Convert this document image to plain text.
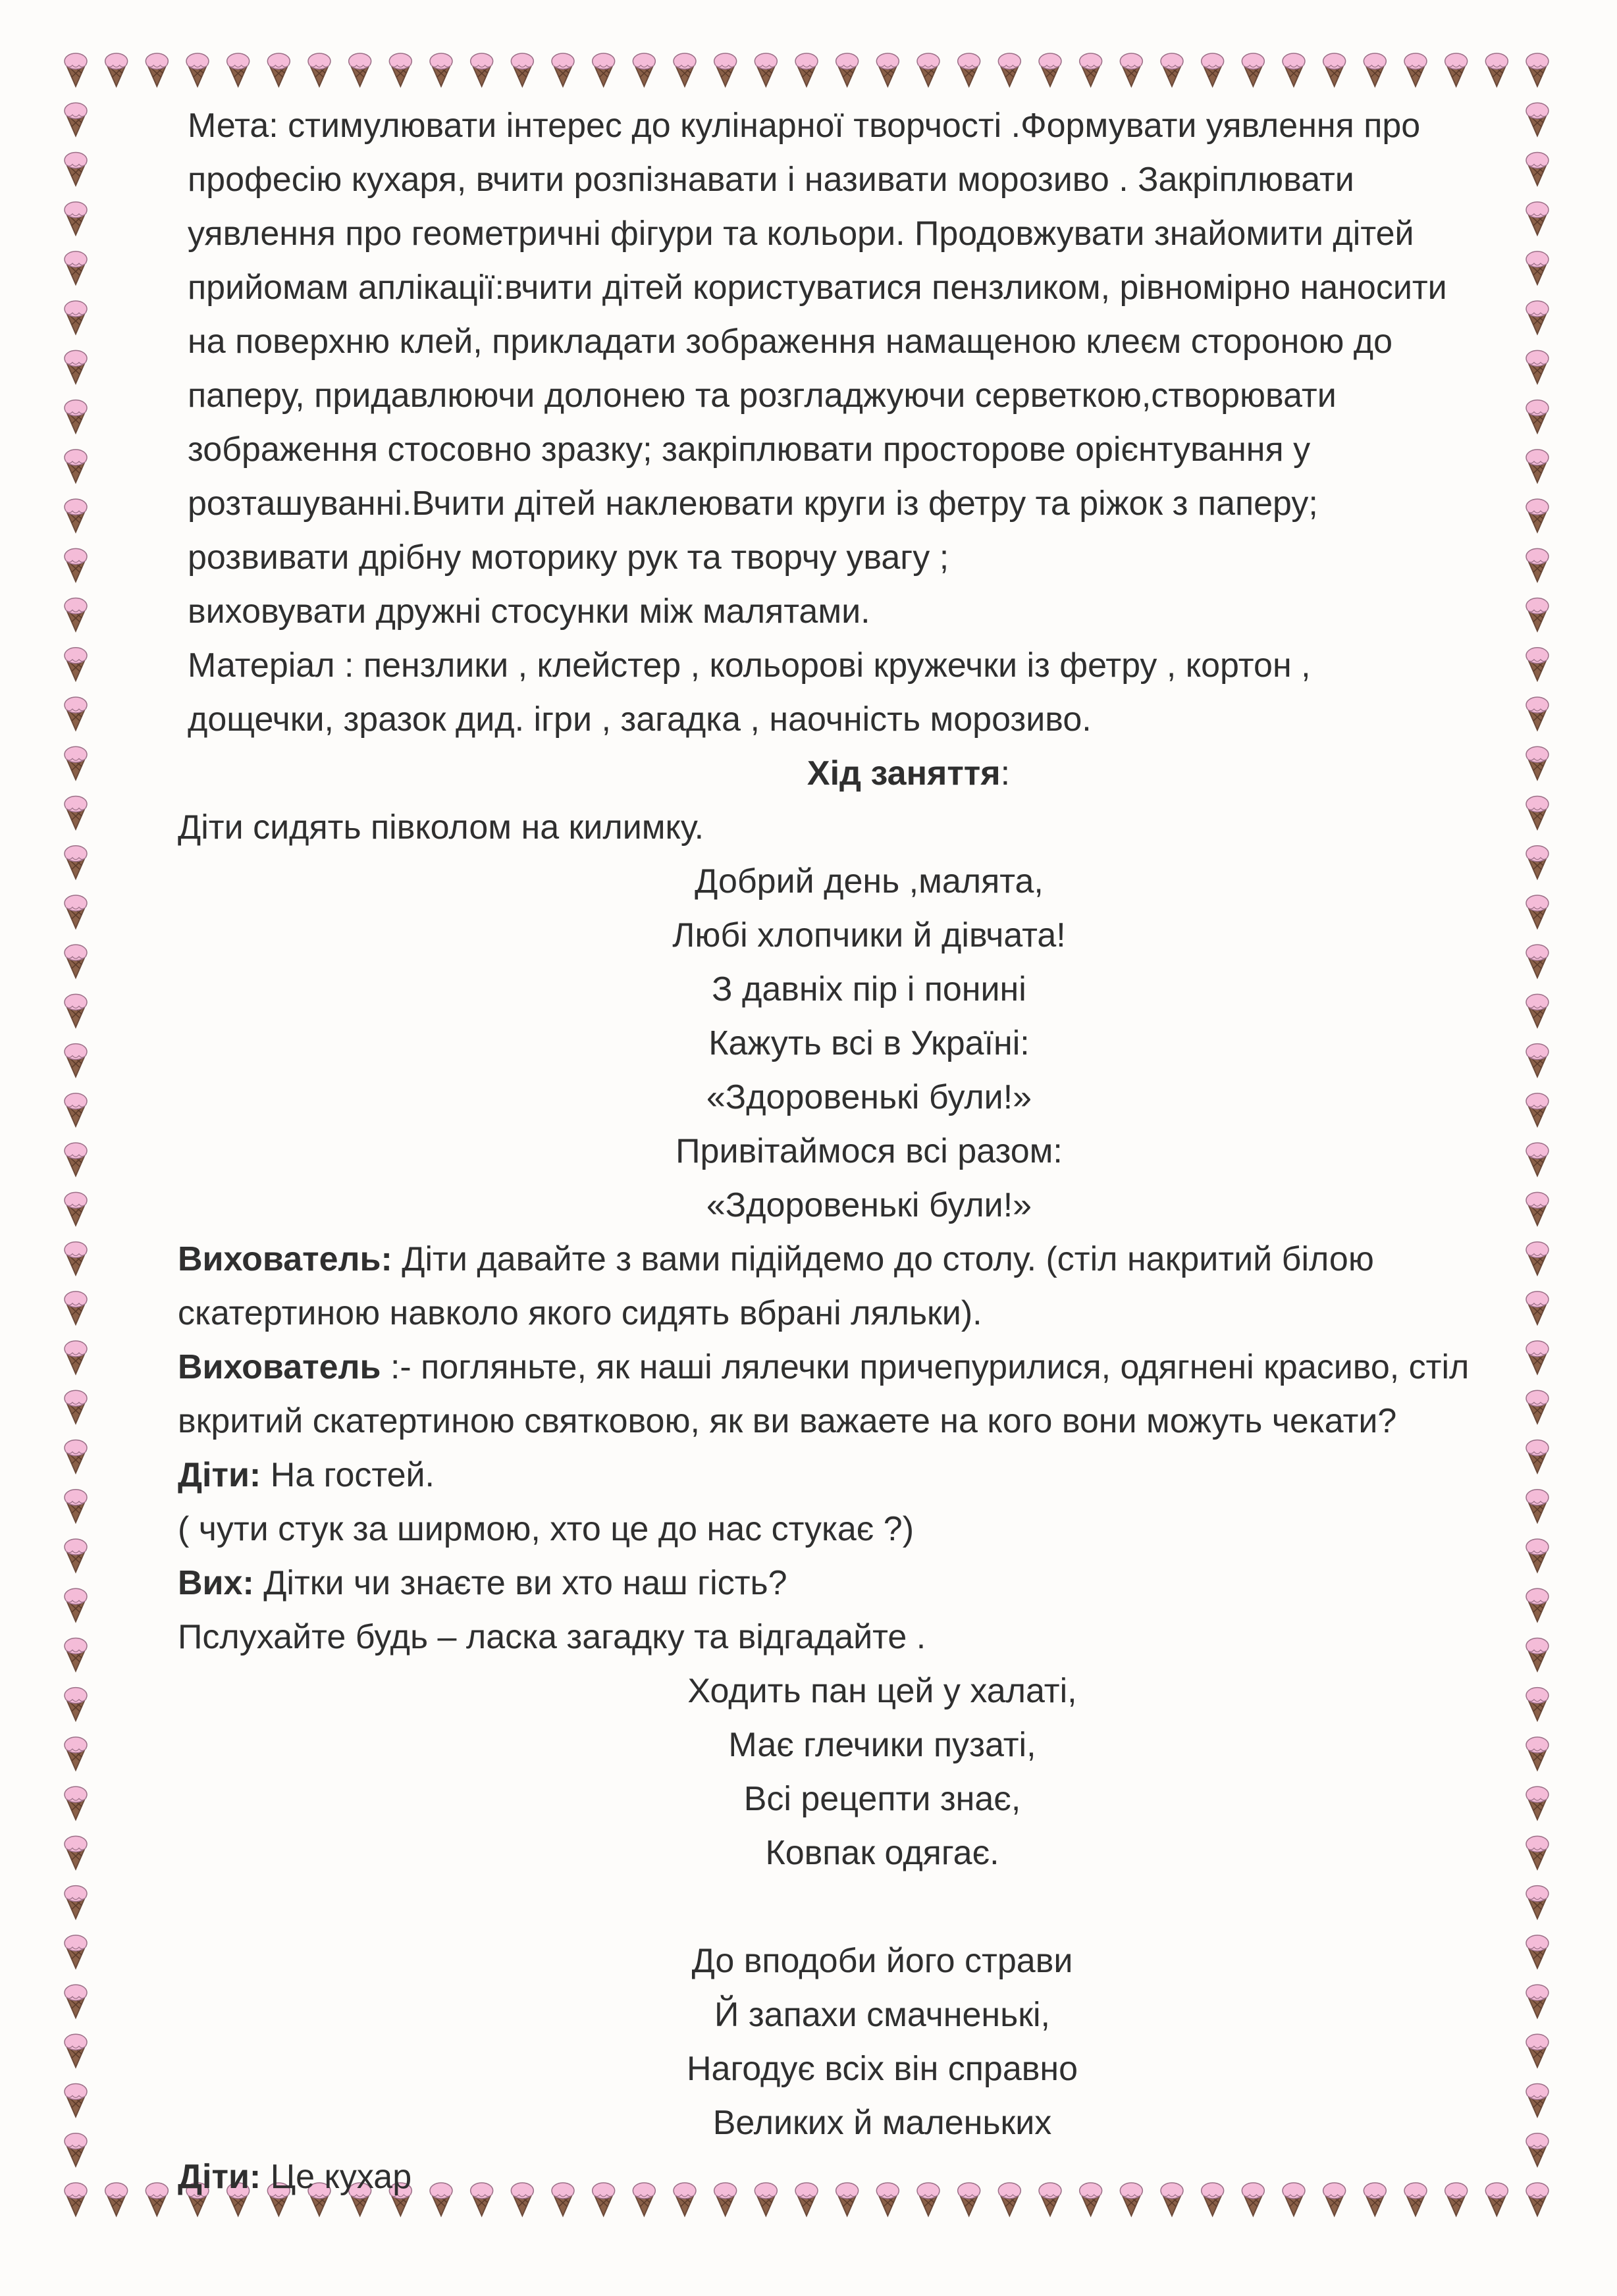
Мета: стимулювати інтерес до кулінарної творчості .Формувати уявлення про

професію кухаря, вчити розпізнавати і називати морозиво . Закріплювати

уявлення про геометричні фігури та кольори. Продовжувати знайомити дітей

прийомам аплікації:вчити дітей користуватися пензликом, рівномірно наносити

на поверхню клей, прикладати зображення намащеною клеєм стороною до

паперу, придавлюючи долонею та розгладжуючи серветкою,створювати

зображення стосовно зразку; закріплювати просторове орієнтування у

розташуванні.Вчити дітей наклеювати круги із фетру та ріжок з паперу;

розвивати дрібну моторику рук та творчу увагу ;

виховувати дружні стосунки між малятами.

Матеріал : пензлики , клейстер , кольорові кружечки із фетру , кортон ,

дощечки, зразок дид. ігри , загадка , наочність морозиво.

Хід заняття:

Діти сидять півколом на килимку.

Добрий день ,малята,

Любі хлопчики й дівчата!

З давніх пір і понині

Кажуть всі в Україні:

«Здоровенькі були!»

Привітаймося всі разом:

«Здоровенькі були!»

Вихователь: Діти давайте з вами підійдемо до столу. (стіл накритий білою

скатертиною навколо якого сидять вбрані ляльки).

Вихователь :- погляньте, як наші лялечки причепурилися, одягнені красиво, стіл

вкритий скатертиною святковою, як ви важаете на кого вони можуть чекати?

Діти: На гостей.

( чути стук за ширмою, хто це до нас стукає ?)

Вих: Дітки чи знаєте ви хто наш гість?

Пслухайте будь – ласка загадку та відгадайте .

Ходить пан цей у халаті,

Має глечики пузаті,

Всі рецепти знає,

Ковпак одягає.

До вподоби його страви

Й запахи смачненькі,

Нагодує всіх він справно

Великих й маленьких

Діти: Це кухар
